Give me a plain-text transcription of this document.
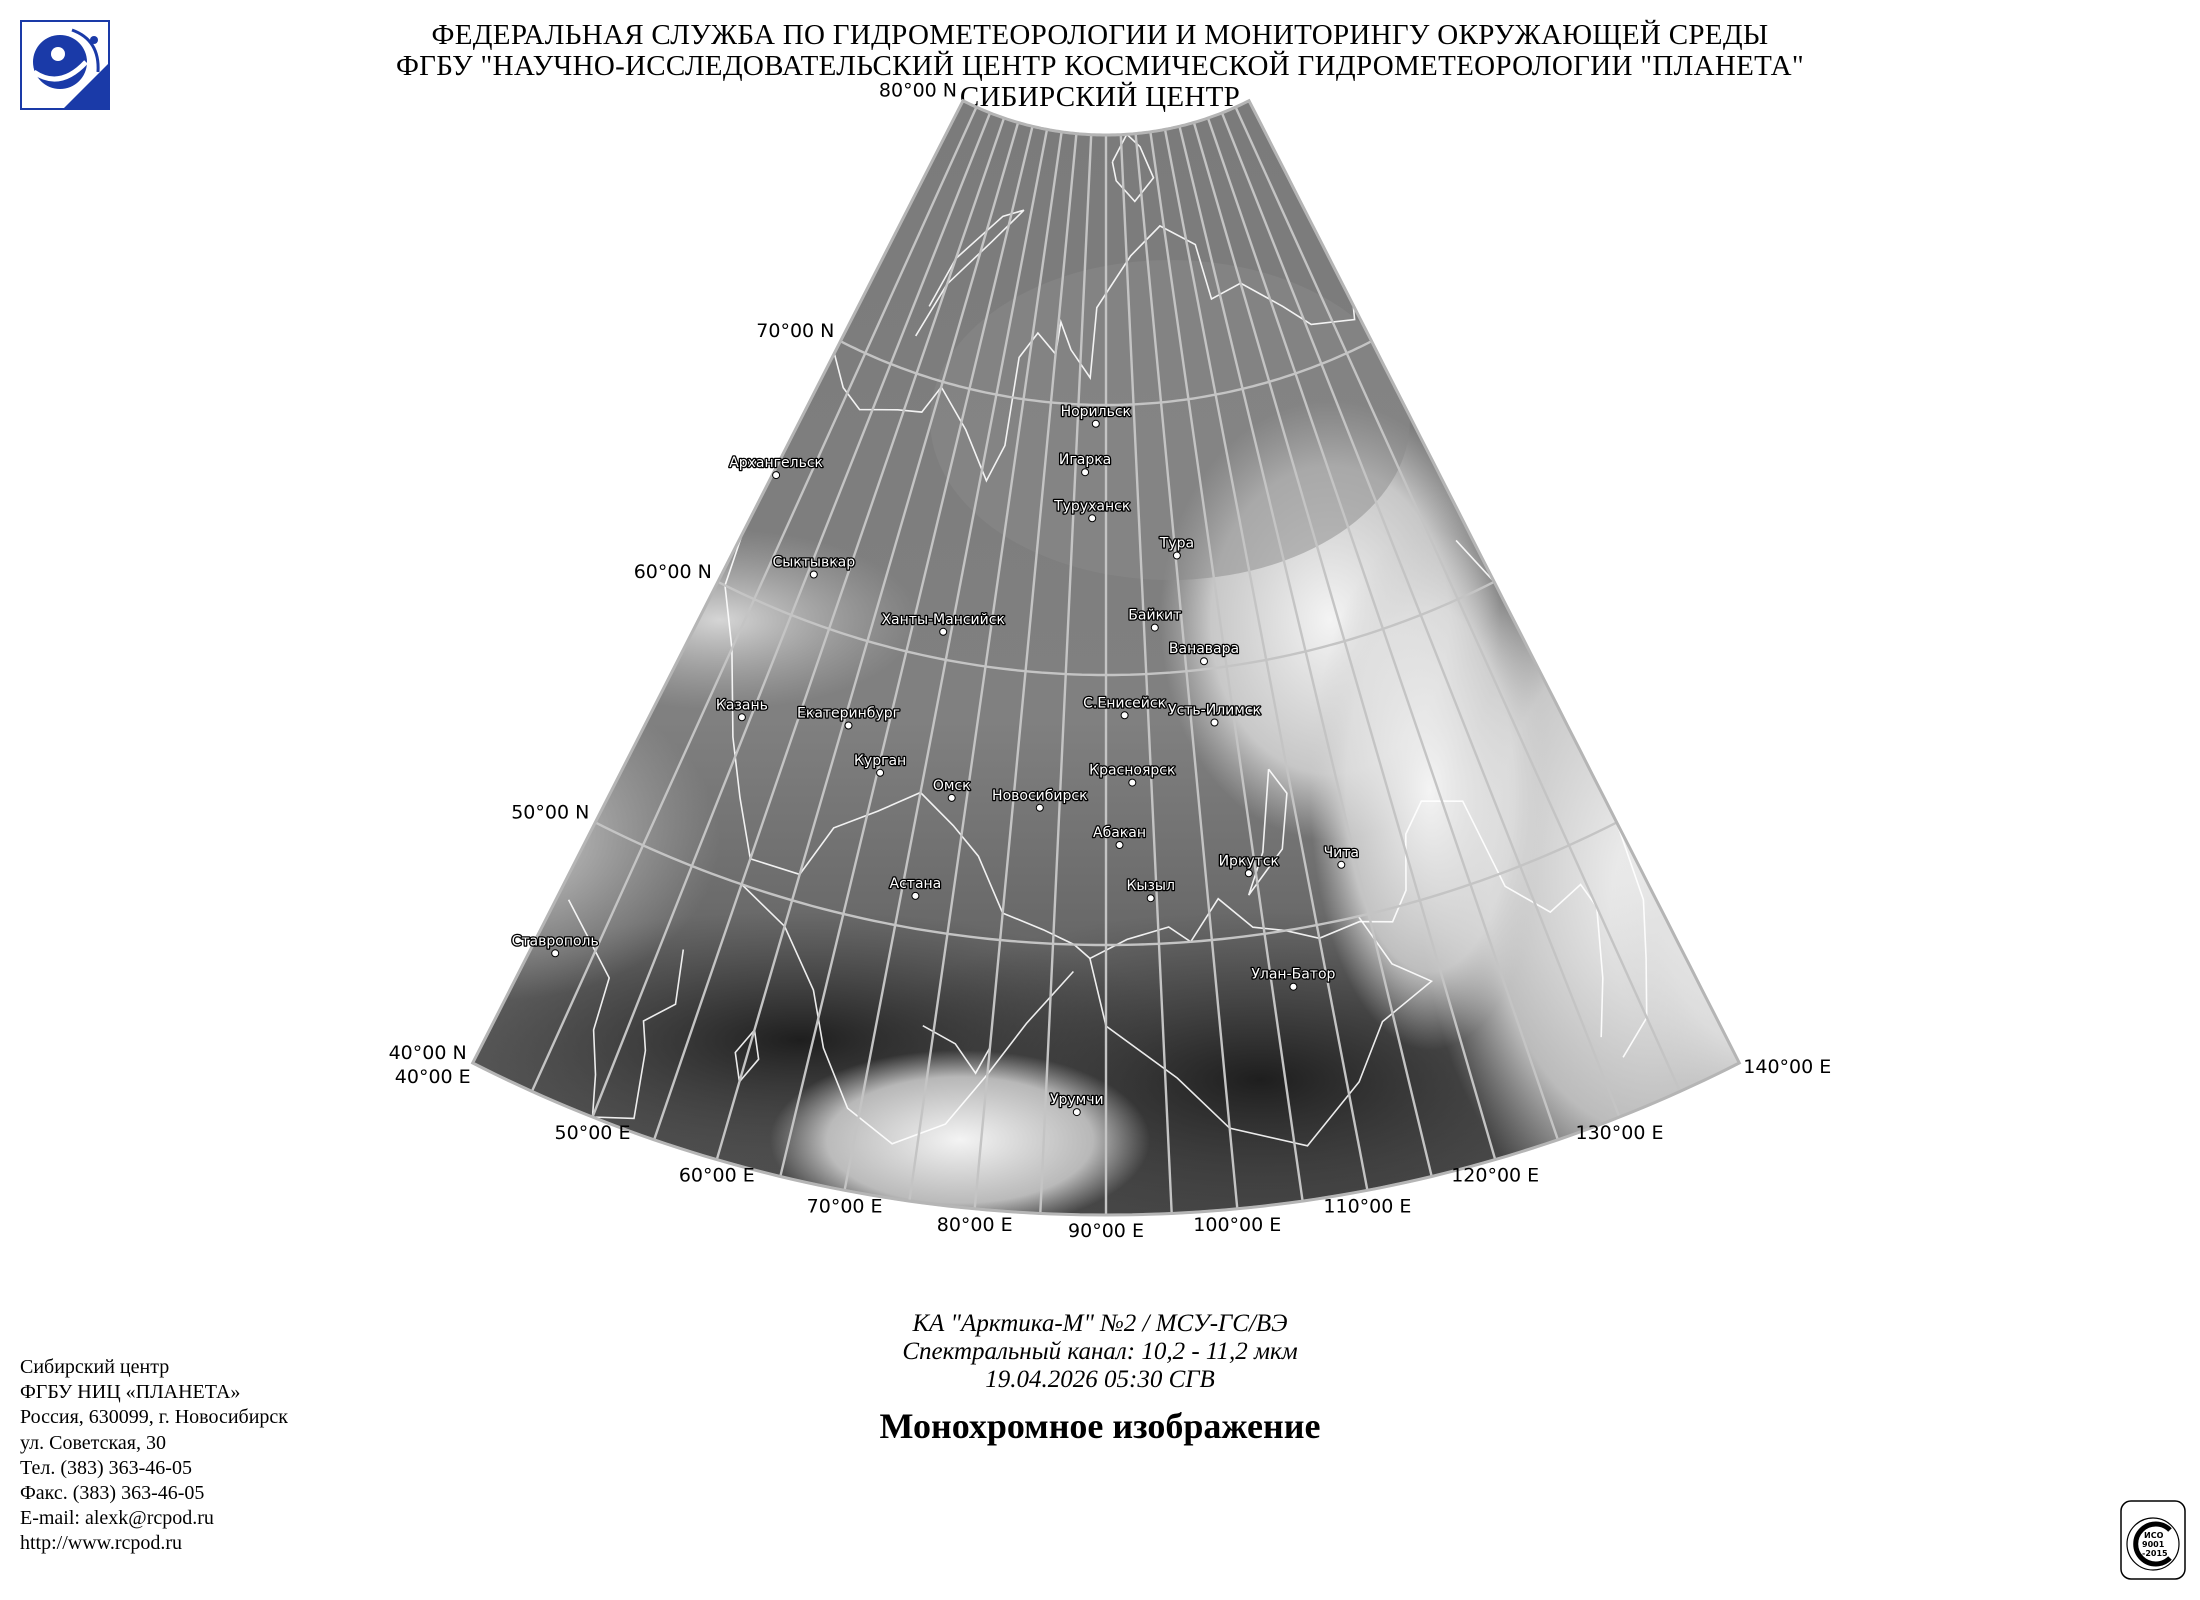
ФЕДЕРАЛЬНАЯ СЛУЖБА ПО ГИДРОМЕТЕОРОЛОГИИ И МОНИТОРИНГУ ОКРУЖАЮЩЕЙ СРЕДЫ
ФГБУ "НАУЧНО-ИССЛЕДОВАТЕЛЬСКИЙ ЦЕНТР КОСМИЧЕСКОЙ ГИДРОМЕТЕОРОЛОГИИ "ПЛАНЕТА"
СИБИРСКИЙ ЦЕНТР
80°00 N
70°00 N
60°00 N
50°00 N
40°00 N
40°00 E
50°00 E
60°00 E
70°00 E
80°00 E	90°00 E	100°00 E
110°00 E
120°00 E
130°00 E
140°00 E
Архангельск
Сыктывкар
Казань
Ставрополь
Екатеринбург
Ханты-Мансийск
Курган
Омск
Астана
Новосибирск
Норильск
Игарка
Туруханск
Тура
Байкит
С.Енисейск
Ванавара
Усть-Илимск
Красноярск
Абакан
Кызыл
Иркутск
Чита
Улан-Батор
Урумчи
КА "Арктика-М" №2 / МСУ-ГС/ВЭ
Спектральный канал: 10,2 - 11,2 мкм
19.04.2026 05:30 СГВ
Монохромное изображение
Сибирский центр
ФГБУ НИЦ «ПЛАНЕТА»
Россия, 630099, г. Новосибирск
ул. Советская, 30
Тел. (383) 363-46-05
Факс. (383) 363-46-05
E-mail: alexk@rcpod.ru
http://www.rcpod.ru	ИСО
9001
-2015
